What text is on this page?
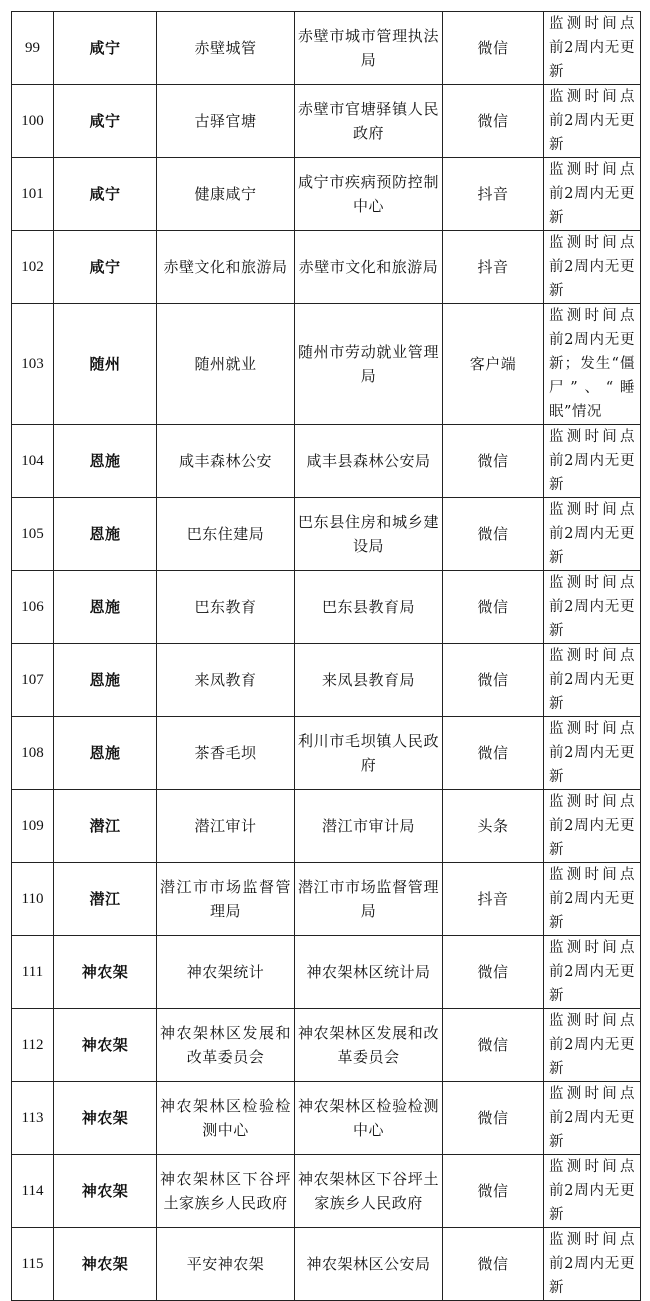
99	咸宁	赤壁城管	赤壁市城市管理执法局	微信	监测时间点前2周内无更新
100	咸宁	古驿官塘	赤壁市官塘驿镇人民政府	微信	监测时间点前2周内无更新
101	咸宁	健康咸宁	咸宁市疾病预防控制中心	抖音	监测时间点前2周内无更新
102	咸宁	赤壁文化和旅游局	赤壁市文化和旅游局	抖音	监测时间点前2周内无更新
103	随州	随州就业	随州市劳动就业管理局	客户端	监测时间点前2周内无更新；发生“僵尸”、“睡眠”情况
104	恩施	咸丰森林公安	咸丰县森林公安局	微信	监测时间点前2周内无更新
105	恩施	巴东住建局	巴东县住房和城乡建设局	微信	监测时间点前2周内无更新
106	恩施	巴东教育	巴东县教育局	微信	监测时间点前2周内无更新
107	恩施	来凤教育	来凤县教育局	微信	监测时间点前2周内无更新
108	恩施	茶香毛坝	利川市毛坝镇人民政府	微信	监测时间点前2周内无更新
109	潜江	潜江审计	潜江市审计局	头条	监测时间点前2周内无更新
110	潜江	潜江市市场监督管理局	潜江市市场监督管理局	抖音	监测时间点前2周内无更新
111	神农架	神农架统计	神农架林区统计局	微信	监测时间点前2周内无更新
112	神农架	神农架林区发展和改革委员会	神农架林区发展和改革委员会	微信	监测时间点前2周内无更新
113	神农架	神农架林区检验检测中心	神农架林区检验检测中心	微信	监测时间点前2周内无更新
114	神农架	神农架林区下谷坪土家族乡人民政府	神农架林区下谷坪土家族乡人民政府	微信	监测时间点前2周内无更新
115	神农架	平安神农架	神农架林区公安局	微信	监测时间点前2周内无更新
